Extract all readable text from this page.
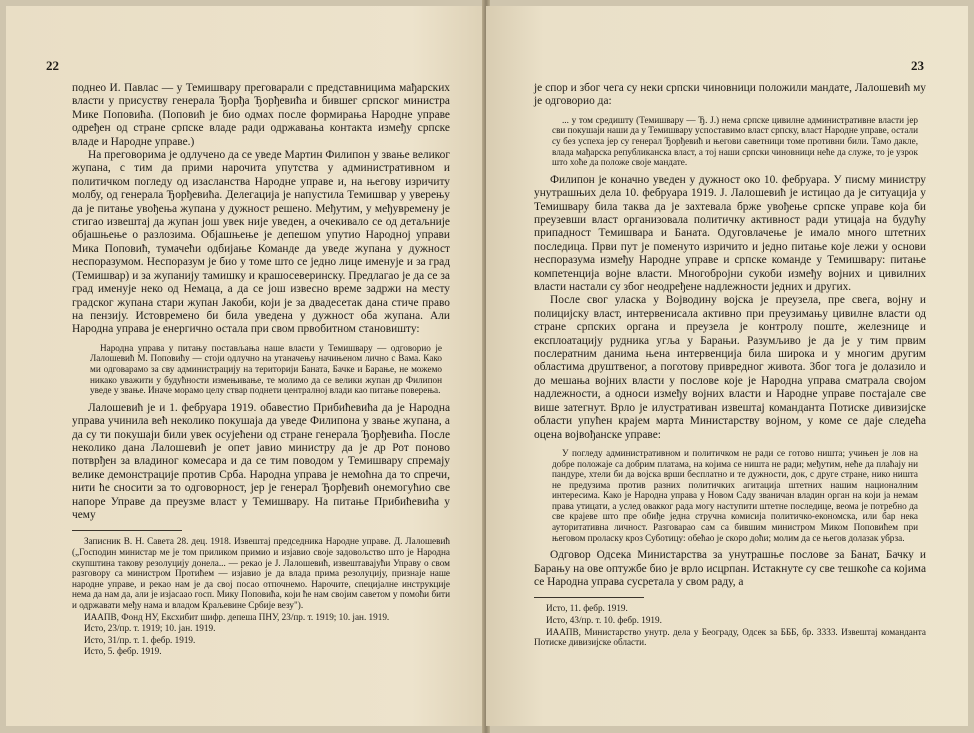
22

поднео И. Павлас — у Темишвару преговарали с представницима мађарских власти у присуству генерала Ђорђа Ђорђевића и бившег српског министра Мике Поповића. (Поповић је био одмах после формирања Народне управе одређен од стране српске владе ради одржавања контакта између српске владе и Народне управе.)

На преговорима је одлучено да се уведе Мартин Филипон у звање великог жупана, с тим да прими нарочита упутства у административном и политичком погледу од изасланства Народне управе и, на његову изричиту молбу, од генерала Ђорђевића. Делегација је напустила Темишвар у уверењу да је питање увођења жупана у дужност решено. Међутим, у међувремену је стигао извештај да жупан још увек није уведен, а очекивало се од детаљније објашњење о разлозима. Објашњење је депешом упутио Народној управи Мика Поповић, тумачећи одбијање Команде да уведе жупана у дужност неспоразумом. Неспоразум је био у томе што се једно лице именује и за град (Темишвар) и за жупанију тамишку и крашосеверинску. Предлагао је да се за град именује неко од Немаца, а да се још извесно време задржи на месту градског жупана стари жупан Јакоби, који је за двадесетак дана стиче право на пензију. Истовремено би била уведена у дужност оба жупана. Али Народна управа је енергично остала при свом првобитном становишту:

Народна управа у питању постављања наше власти у Темишвару — одговорио је Лалошевић М. Поповићу — стоји одлучно на утаначењу начињеном лично с Вама. Како ми одговарамо за сву администрацију на територији Баната, Бачке и Барање, не можемо никако уважити у будућности измењивање, те молимо да се велики жупан др Филипон уведе у звање. Иначе морамо целу ствар поднети централној влади као питање поверења.

Лалошевић је и 1. фебруара 1919. обавестио Прибићевића да је Народна управа учинила већ неколико покушаја да уведе Филипона у звање жупана, а да су ти покушаји били увек осујећени од стране генерала Ђорђевића. После неколико дана Лалошевић је опет јавио министру да је др Рот поново потврђен за владиног комесара и да се тим поводом у Темишвару спремају велике демонстрације против Срба. Народна управа је немоћна да то спречи, нити ће сносити за то одговорност, јер је генерал Ђорђевић онемогућио све напоре Управе да преузме власт у Темишвару. На питање Прибићевића у чему

Записник В. Н. Савета 28. дец. 1918. Извештај председника Народне управе. Д. Лалошевић („Господин министар ме је том приликом примио и изјавио своје задовољство што је Народна скупштина такову резолуцију донела... — рекао је Ј. Лалошевић, извештавајући Управу о свом разговору са министром Протићем — изјавио је да влада прима резолуцију, признаје наше народне управе, и рекао нам је да свој посао отпочнемо. Нарочите, специјалне инструкције нема да нам да, али је изјасаао госп. Мику Поповића, који ће нам својим саветом у помоћи бити и одржавати међу нама и владом Краљевине Србије везу").

ИААПВ, Фонд НУ, Ексхибит шифр. депеша ПНУ, 23/пр. т. 1919; 10. јан. 1919.

Исто, 23/пр. т. 1919; 10. јан. 1919.

Исто, 31/пр. т. 1. фебр. 1919.

Исто, 5. фебр. 1919.

23

је спор и због чега су неки српски чиновници положили мандате, Лалошевић му је одговорио да:

... у том средишту (Темишвару — Ђ. Ј.) нема српске цивилне административне власти јер сви покушаји наши да у Темишвару успоставимо власт српску, власт Народне управе, остали су без успеха јер су генерал Ђорђевић и његови саветници томе противни били. Тамо дакле, влада мађарска републиканска власт, а тој наши српски чиновници неће да служе, то је узрок што хоће да положе своје мандате.

Филипон је коначно уведен у дужност око 10. фебруара. У писму министру унутрашњих дела 10. фебруара 1919. Ј. Лалошевић је истицао да је ситуација у Темишвару била таква да је захтевала брже увођење српске управе која би преузевши власт организовала политичку активност ради утицаја на будућу припадност Темишвара и Баната. Одуговлачење је имало много штетних последица. Први пут је поменуто изричито и једно питање које лежи у основи неспоразума између Народне управе и српске команде у Темишвару: питање компетенција војне власти. Многобројни сукоби између војних и цивилних власти настали су због неодређене надлежности једних и других.

После свог уласка у Војводину војска је преузела, пре свега, војну и полицијску власт, интервенисала активно при преузимању цивилне власти од стране српских органа и преузела је контролу поште, железнице и експлоатацију рудника угља у Барањи. Разумљиво је да је у тим првим послератним данима њена интервенција била широка и у многим другим областима друштвеног, а поготову привредног живота. Због тога је долазило и до мешања војних власти у послове које је Народна управа сматрала својом надлежности, а односи између војних власти и Народне управе постајале све више затегнут. Врло је илустративан извештај команданта Потиске дивизијске области упућен крајем марта Министарству војном, у коме се даје следећа оцена војвођанске управе:

У погледу административном и политичком не ради се готово ништа; учињен је лов на добре положаје са добрим платама, на којима се ништа не ради; међутим, неће да плаћају ни пандуре, хтели би да војска врши бесплатно и те дужности, док, с друге стране, нико ништа не предузима против разних политичких агитација штетних нашим националним интересима. Како је Народна управа у Новом Саду званичан владин орган на који ја немам права утицати, а услед овакког рада могу наступити штетне последице, веома је потребно да све крајеве што пре обиђе једна стручна комисија политичко-економска, или бар нека ауторитативна личност. Разговарао сам са бившим министром Миком Поповићем при његовом проласку кроз Суботицу: обећао је скоро доћи; молим да се његов долазак убрза.

Одговор Одсека Министарства за унутрашње послове за Банат, Бачку и Барању на ове оптужбе био је врло исцрпан. Истакнуте су све тешкоће са којима се Народна управа сусретала у свом раду, а

Исто, 11. фебр. 1919.

Исто, 43/пр. т. 10. фебр. 1919.

ИААПВ, Министарство унутр. дела у Београду, Одсек за БББ, бр. 3333. Извештај команданта Потиске дивизијске области.
